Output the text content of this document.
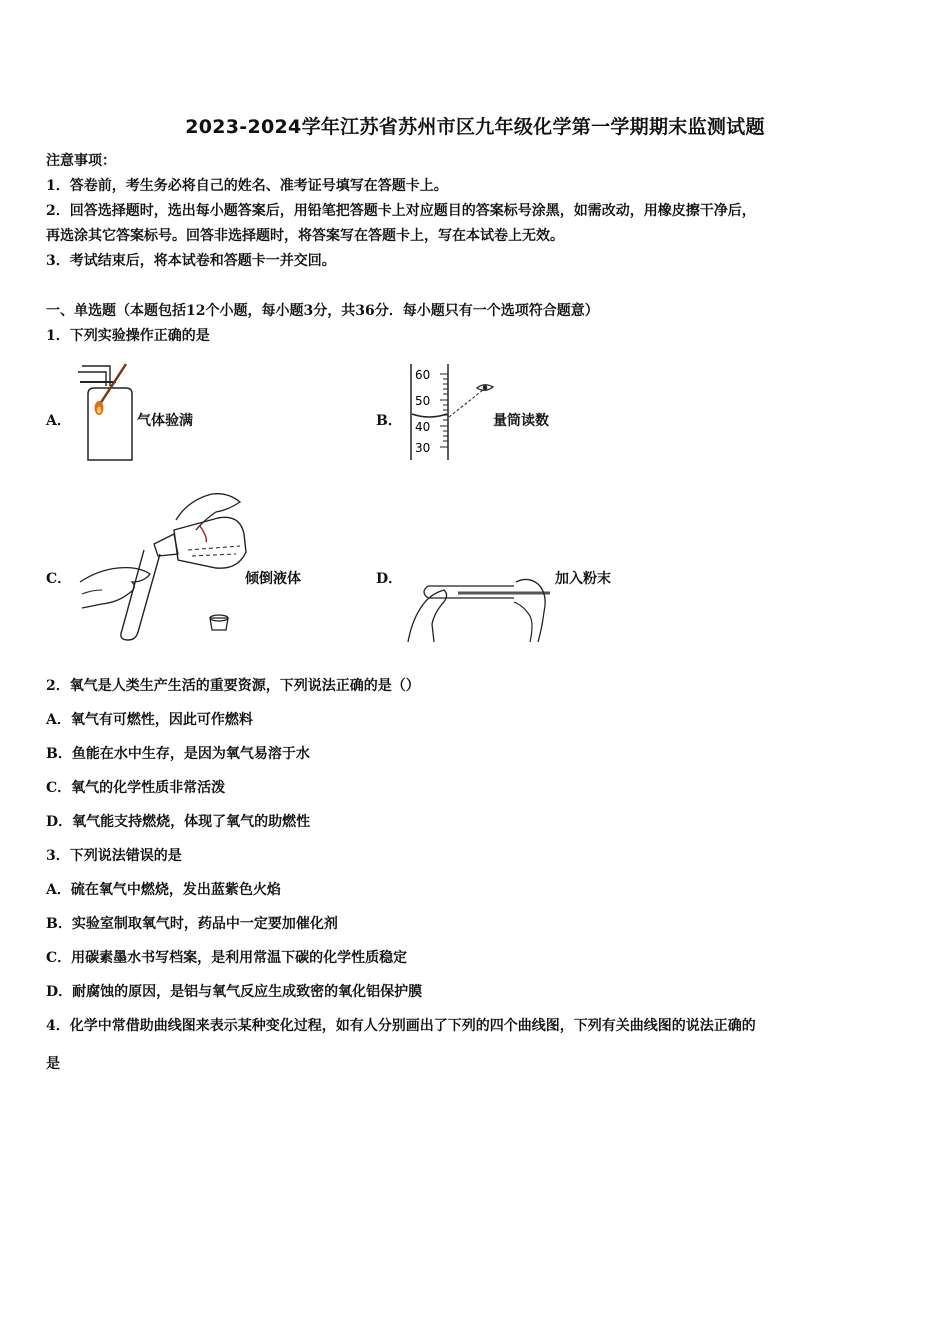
2023-2024学年江苏省苏州市区九年级化学第一学期期末监测试题
注意事项：
1．答卷前，考生务必将自己的姓名、准考证号填写在答题卡上。
2．回答选择题时，选出每小题答案后，用铅笔把答题卡上对应题目的答案标号涂黑，如需改动，用橡皮擦干净后，
再选涂其它答案标号。回答非选择题时，将答案写在答题卡上，写在本试卷上无效。
3．考试结束后，将本试卷和答题卡一并交回。
一、单选题（本题包括12个小题，每小题3分，共36分．每小题只有一个选项符合题意）
1．下列实验操作正确的是
A．	气体验满	B．
60
50
40
30
量筒读数
C．	倾倒液体	D．	加入粉末
2．氧气是人类生产生活的重要资源，下列说法正确的是（）
A．氧气有可燃性，因此可作燃料
B．鱼能在水中生存，是因为氧气易溶于水
C．氧气的化学性质非常活泼
D．氧气能支持燃烧，体现了氧气的助燃性
3．下列说法错误的是
A．硫在氧气中燃烧，发出蓝紫色火焰
B．实验室制取氧气时，药品中一定要加催化剂
C．用碳素墨水书写档案，是利用常温下碳的化学性质稳定
D．耐腐蚀的原因，是铝与氧气反应生成致密的氧化铝保护膜
4．化学中常借助曲线图来表示某种变化过程，如有人分别画出了下列的四个曲线图，下列有关曲线图的说法正确的
是
